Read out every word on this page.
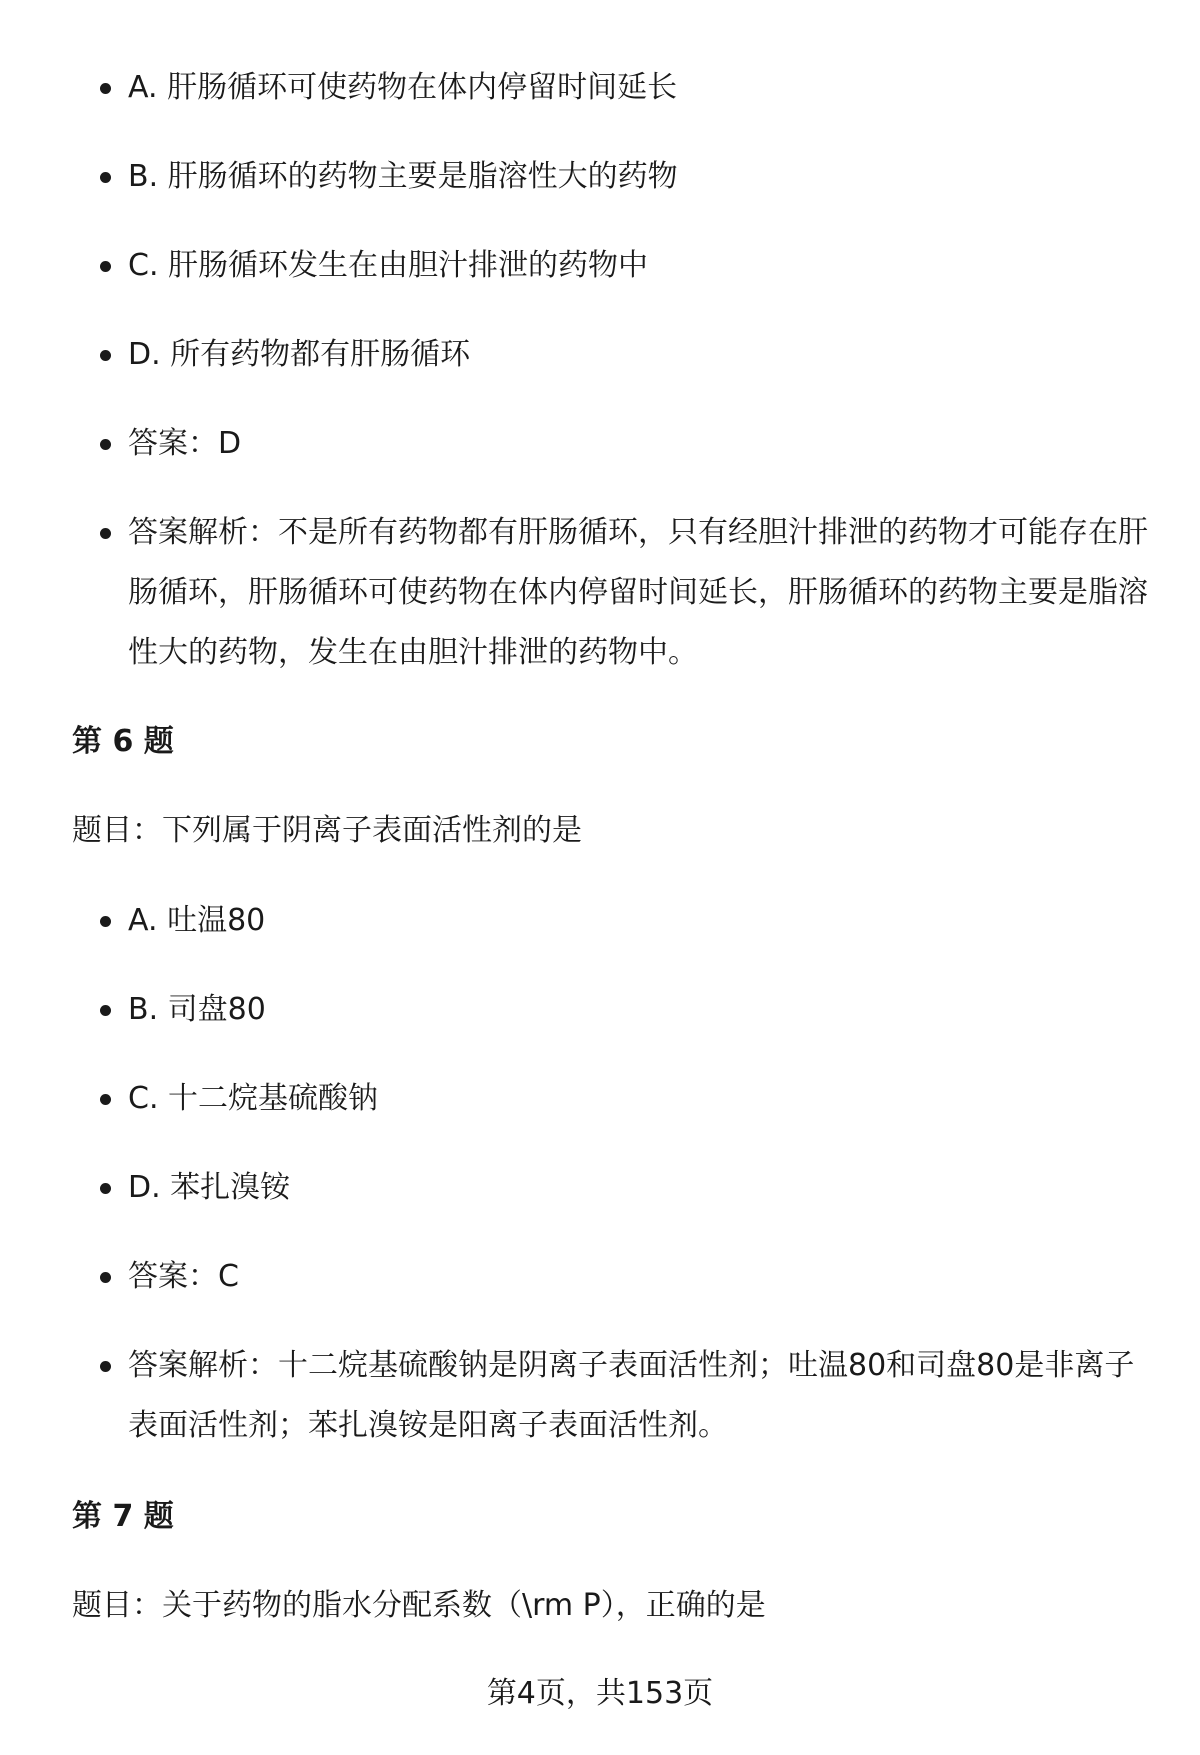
A. 肝肠循环可使药物在体内停留时间延长
B. 肝肠循环的药物主要是脂溶性大的药物
C. 肝肠循环发生在由胆汁排泄的药物中
D. 所有药物都有肝肠循环
答案：D
答案解析：不是所有药物都有肝肠循环，只有经胆汁排泄的药物才可能存在肝肠循环，肝肠循环可使药物在体内停留时间延长，肝肠循环的药物主要是脂溶性大的药物，发生在由胆汁排泄的药物中。
第 6 题
题目：下列属于阴离子表面活性剂的是
A. 吐温80
B. 司盘80
C. 十二烷基硫酸钠
D. 苯扎溴铵
答案：C
答案解析：十二烷基硫酸钠是阴离子表面活性剂；吐温80和司盘80是非离子表面活性剂；苯扎溴铵是阳离子表面活性剂。
第 7 题
题目：关于药物的脂水分配系数（\rm P），正确的是
第4页，共153页
